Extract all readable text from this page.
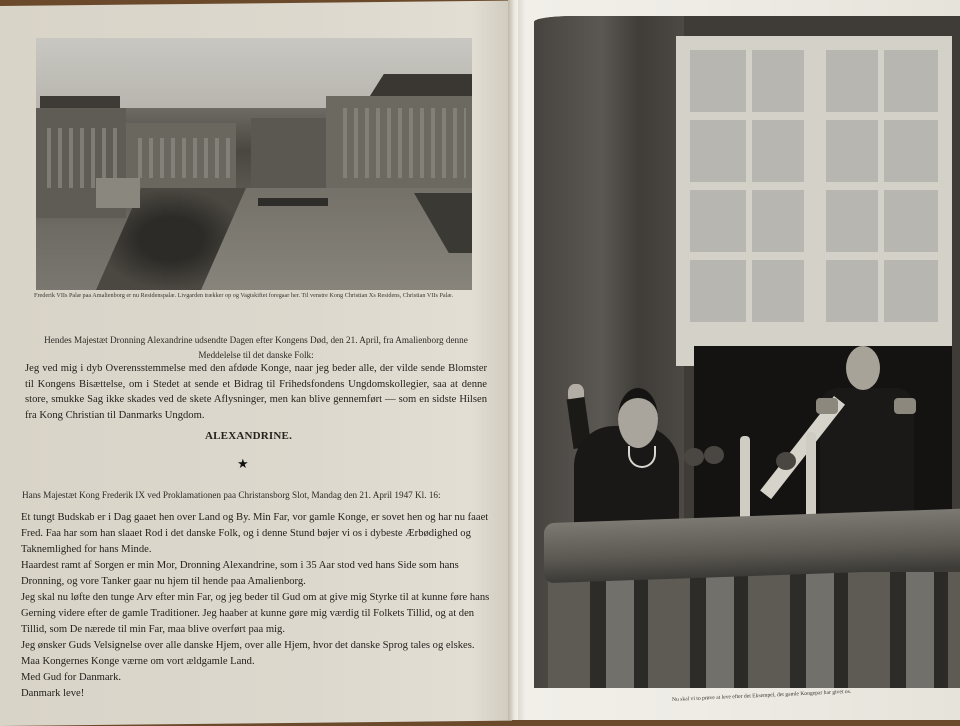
Frederik VIIs Palæ paa Amalienborg er nu Residenspalæ. Livgarden trækker op og Vagtskiftet foregaar her. Til venstre Kong Christian Xs Residens, Christian VIIs Palæ.
Hendes Majestæt Dronning Alexandrine udsendte Dagen efter Kongens Død, den 21. April, fra Amalienborg denne Meddelelse til det danske Folk:
Jeg ved mig i dyb Overensstemmelse med den afdøde Konge, naar jeg beder alle, der vilde sende Blomster til Kongens Bisættelse, om i Stedet at sende et Bidrag til Frihedsfondens Ungdomskollegier, saa at denne store, smukke Sag ikke skades ved de skete Aflysninger, men kan blive gennemført — som en sidste Hilsen fra Kong Christian til Danmarks Ungdom.
ALEXANDRINE.
★
Hans Majestæt Kong Frederik IX ved Proklamationen paa Christansborg Slot, Mandag den 21. April 1947 Kl. 16:

Et tungt Budskab er i Dag gaaet hen over Land og By. Min Far, vor gamle Konge, er sovet hen og har nu faaet Fred. Faa har som han slaaet Rod i det danske Folk, og i denne Stund bøjer vi os i dybeste Ærbødighed og Taknemlighed for hans Minde.

Haardest ramt af Sorgen er min Mor, Dronning Alexandrine, som i 35 Aar stod ved hans Side som hans Dronning, og vore Tanker gaar nu hjem til hende paa Amalienborg.

Jeg skal nu løfte den tunge Arv efter min Far, og jeg beder til Gud om at give mig Styrke til at kunne føre hans Gerning videre efter de gamle Traditioner. Jeg haaber at kunne gøre mig værdig til Folkets Tillid, og at den Tillid, som De nærede til min Far, maa blive overført paa mig.

Jeg ønsker Guds Velsignelse over alle danske Hjem, over alle Hjem, hvor det danske Sprog tales og elskes. Maa Kongernes Konge værne om vort ældgamle Land.

Med Gud for Danmark.

Danmark leve!	Nu skal vi to prøve at leve efter det Eksempel, det gamle Kongepar har givet os.
